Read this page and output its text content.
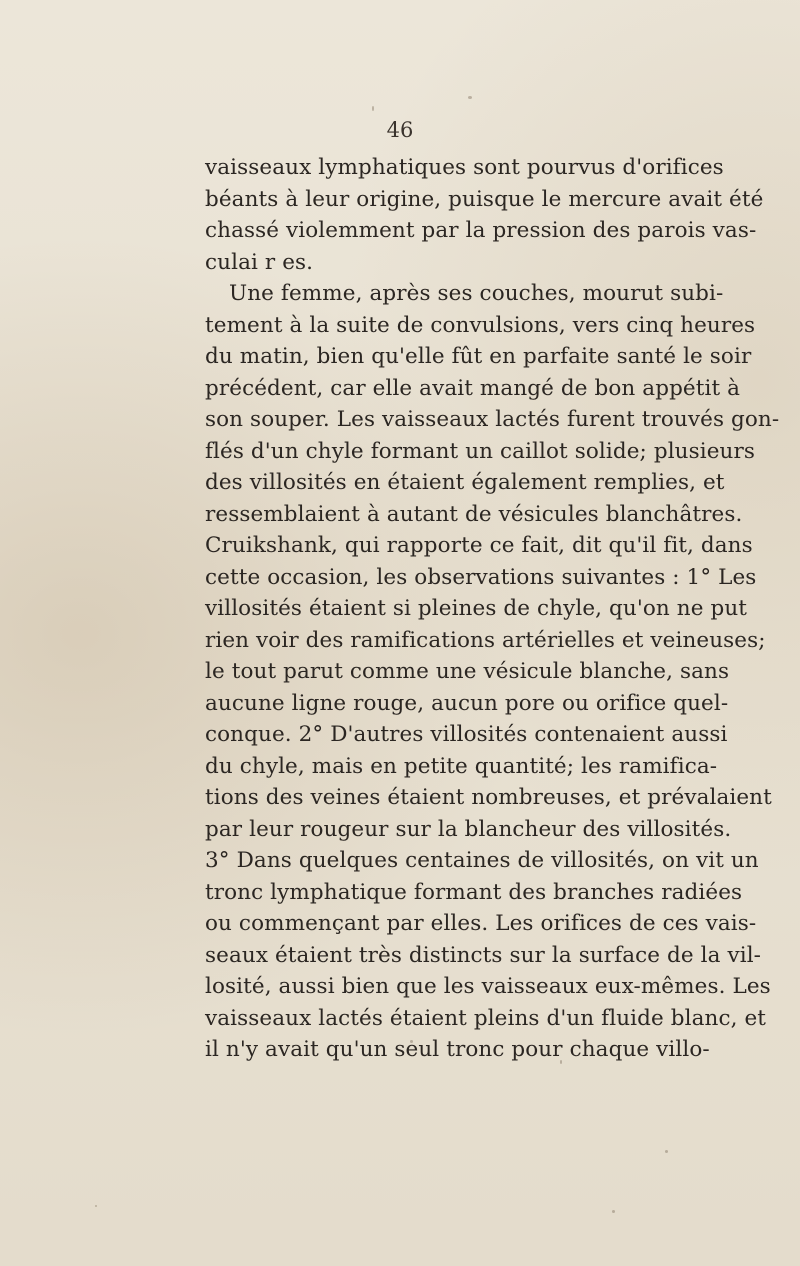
46
vaisseaux lymphatiques sont pourvus d'orifices
béants à leur origine, puisque le mercure avait été
chassé violemment par la pression des parois vas-
culai r es.
Une femme, après ses couches, mourut subi-
tement à la suite de convulsions, vers cinq heures
du matin, bien qu'elle fût en parfaite santé le soir
précédent, car elle avait mangé de bon appétit à
son souper. Les vaisseaux lactés furent trouvés gon-
flés d'un chyle formant un caillot solide; plusieurs
des villosités en étaient également remplies, et
ressemblaient à autant de vésicules blanchâtres.
Cruikshank, qui rapporte ce fait, dit qu'il fit, dans
cette occasion, les observations suivantes : 1° Les
villosités étaient si pleines de chyle, qu'on ne put
rien voir des ramifications artérielles et veineuses;
le tout parut comme une vésicule blanche, sans
aucune ligne rouge, aucun pore ou orifice quel-
conque. 2° D'autres villosités contenaient aussi
du chyle, mais en petite quantité; les ramifica-
tions des veines étaient nombreuses, et prévalaient
par leur rougeur sur la blancheur des villosités.
3° Dans quelques centaines de villosités, on vit un
tronc lymphatique formant des branches radiées
ou commençant par elles. Les orifices de ces vais-
seaux étaient très distincts sur la surface de la vil-
losité, aussi bien que les vaisseaux eux-mêmes. Les
vaisseaux lactés étaient pleins d'un fluide blanc, et
il n'y avait qu'un seul tronc pour chaque villo-
